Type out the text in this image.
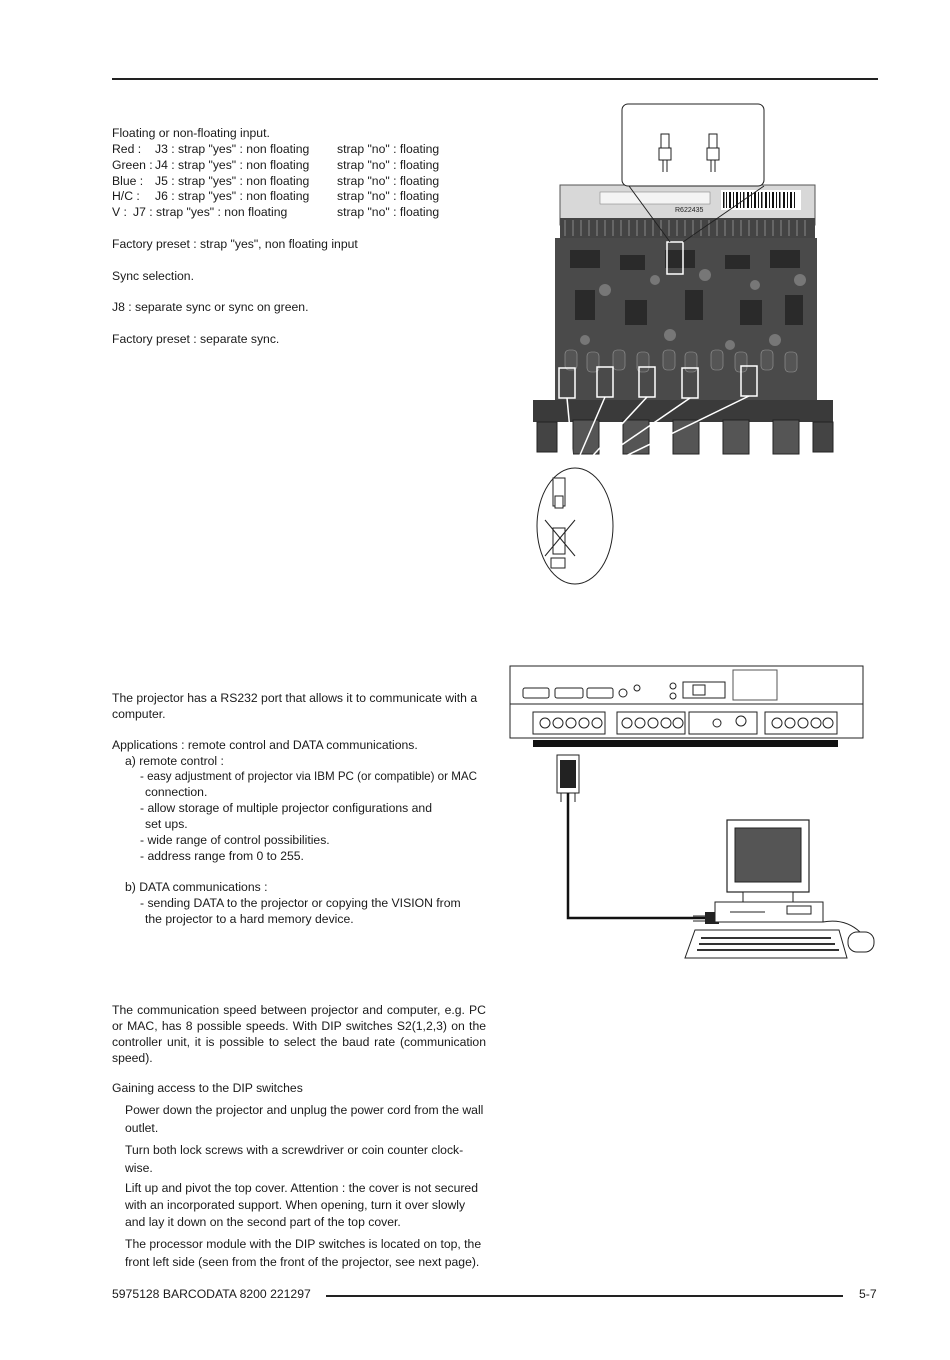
Floating or non-floating input.
Red : J3 : strap "yes" : non floating strap "no" : floating
Green : J4 : strap "yes" : non floating strap "no" : floating
Blue : J5 : strap "yes" : non floating strap "no" : floating
H/C : J6 : strap "yes" : non floating strap "no" : floating
V : J7 : strap "yes" : non floating	strap "no" : floating
Factory preset : strap "yes", non floating input
Sync selection.
J8 : separate sync or sync on green.
Factory preset : separate sync.
R622435
The projector has a RS232 port that allows it to communicate with a computer.
Applications : remote control and DATA communications.
a) remote control :
- easy adjustment of projector via IBM PC (or compatible) or MAC
connection.
- allow storage of multiple projector configurations and
set ups.
- wide range of control possibilities.
- address range from 0 to 255.
b) DATA communications :
- sending DATA to the projector or copying the VISION from
the projector to a hard memory device.
The communication speed between projector and computer, e.g. PC or MAC, has 8 possible speeds. With DIP switches S2(1,2,3) on the controller unit, it is possible to select the baud rate (communication speed).
Gaining access to the DIP switches
Power down the projector and unplug the power cord from the wall outlet.
Turn both lock screws with a screwdriver or coin counter clock-wise.
Lift up and pivot the top cover. Attention : the cover is not secured with an incorporated support. When opening, turn it over slowly and lay it down on the second part of the top cover.
The processor module with the DIP switches is located on top, the front left side (seen from the front of the projector, see next page).
5975128 BARCODATA 8200 221297	5-7
